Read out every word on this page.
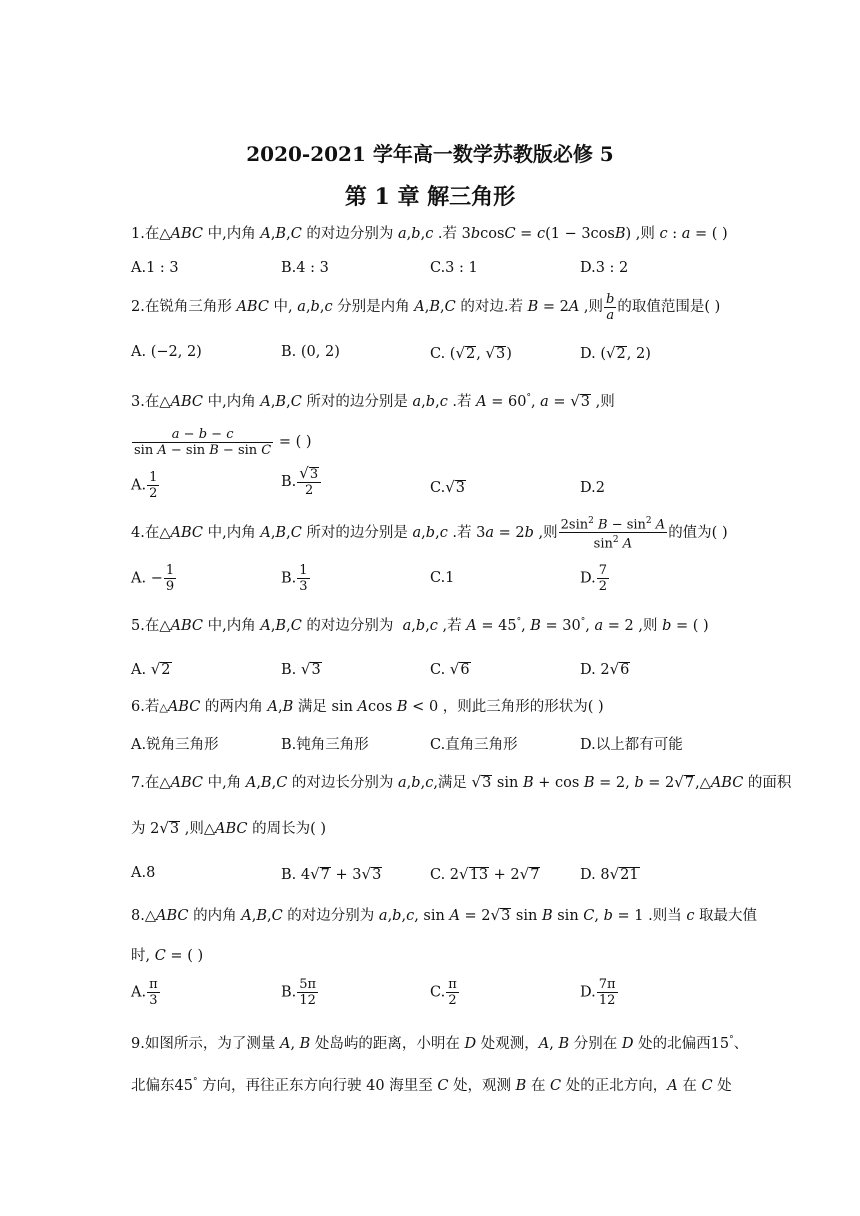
2020-2021 学年高一数学苏教版必修 5
第 1 章 解三角形
1.在△ABC 中,内角 A,B,C 的对边分别为 a,b,c .若 3bcosC = c(1 − 3cosB) ,则 c : a = ( )
A.1 : 3	B.4 : 3	C.3 : 1	D.3 : 2
2.在锐角三角形 ABC 中, a,b,c 分别是内角 A,B,C 的对边.若 B = 2A ,则 $\frac{b}{a}$ 的取值范围是( )
A. (−2, 2)	B. (0, 2)	C. (√2, √3)	D. (√2, 2)
3.在△ABC 中,内角 A,B,C 所对的边分别是 a,b,c .若 A = 60°, a = √3 ,则
$\frac{a - b - c}{\text{sin A − sin B − sin C}}$ = ( )
A. $\frac{1}{2}$	B. $\frac{√3}{2}$	C.√3	D.2
4.在△ABC 中,内角 A,B,C 所对的边分别是 a,b,c .若 3a = 2b ,则 $\frac{2\sin^2 B - \sin^2 A}{\sin^2 A}$ 的值为( )
A. − $\frac{1}{9}$	B. $\frac{1}{3}$	C.1	D. $\frac{7}{2}$
5.在△ABC 中,内角 A,B,C 的对边分别为  a,b,c ,若 A = 45°, B = 30°, a = 2 ,则 b = ( )
A. √2	B. √3	C. √6	D. 2√6
6.若△ABC 的两内角 A,B 满足 sin Acos B < 0 ，则此三角形的形状为( )
A.锐角三角形	B.钝角三角形	C.直角三角形	D.以上都有可能
7.在△ABC 中,角 A,B,C 的对边长分别为 a,b,c,满足 √3 sin B + cos B = 2, b = 2√7,△ABC 的面积
为 2√3 ,则△ABC 的周长为( )
A.8	B. 4√7 + 3√3	C. 2√13 + 2√7	D. 8√21
8.△ABC 的内角 A,B,C 的对边分别为 a,b,c, sin A = 2√3 sin B sin C, b = 1 .则当 c 取最大值
时, C = ( )
A. $\frac{\pi}{3}$	B. $\frac{5\pi}{12}$	C. $\frac{\pi}{2}$	D. $\frac{7\pi}{12}$
9.如图所示，为了测量 A, B 处岛屿的距离，小明在 D 处观测，A, B 分别在 D 处的北偏西15°、
北偏东45° 方向，再往正东方向行驶 40 海里至 C 处，观测 B 在 C 处的正北方向，A 在 C 处
